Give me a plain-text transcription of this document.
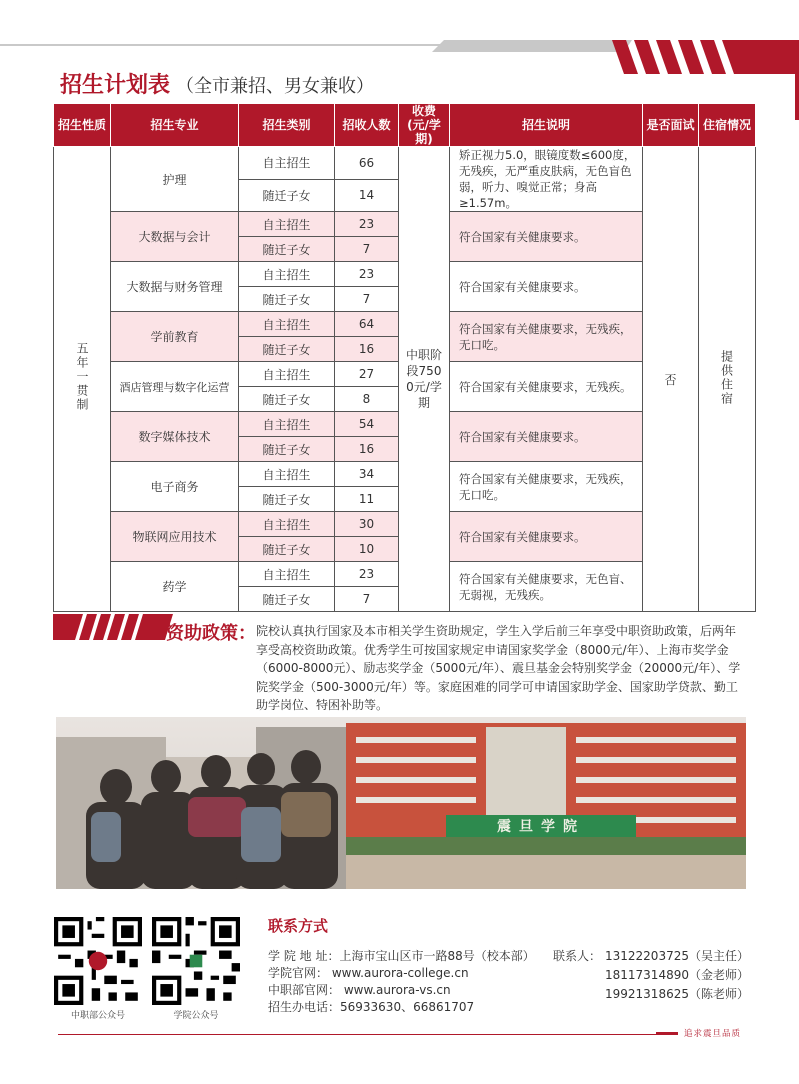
招生计划表 （全市兼招、男女兼收）
招生性质	招生专业	招生类别	招收人数	收费
(元/学期)	招生说明	是否面试	住宿情况
五年一贯制	护理	自主招生	66	中职阶段7500元/学期	矫正视力5.0，眼镜度数≤600度，无残疾，无严重皮肤病，无色盲色弱，听力、嗅觉正常；身高≥1.57m。	否	提供住宿
		随迁子女	14				
	大数据与会计	自主招生	23		符合国家有关健康要求。		
		随迁子女	7				
	大数据与财务管理	自主招生	23		符合国家有关健康要求。		
		随迁子女	7				
	学前教育	自主招生	64		符合国家有关健康要求，无残疾，无口吃。		
		随迁子女	16				
	酒店管理与数字化运营	自主招生	27		符合国家有关健康要求，无残疾。		
		随迁子女	8				
	数字媒体技术	自主招生	54		符合国家有关健康要求。		
		随迁子女	16				
	电子商务	自主招生	34		符合国家有关健康要求，无残疾，无口吃。		
		随迁子女	11				
	物联网应用技术	自主招生	30		符合国家有关健康要求。		
		随迁子女	10				
	药学	自主招生	23		符合国家有关健康要求，无色盲、无弱视，无残疾。		
		随迁子女	7				
资助政策： 院校认真执行国家及本市相关学生资助规定，学生入学后前三年享受中职资助政策，后两年享受高校资助政策。优秀学生可按国家规定申请国家奖学金（8000元/年）、上海市奖学金（6000-8000元）、励志奖学金（5000元/年）、震旦基金会特别奖学金（20000元/年）、学院奖学金（500-3000元/年）等。家庭困难的同学可申请国家助学金、国家助学贷款、勤工助学岗位、特困补助等。
震旦学院
中职部公众号	学院公众号
联系方式
学 院 地 址：上海市宝山区市一路88号（校本部）
学院官网： www.aurora-college.cn
中职部官网： www.aurora-vs.cn
招生办电话：56933630、66861707
联系人： 13122203725（吴主任）
18117314890（金老师）
19921318625（陈老师）
追求震旦品质
